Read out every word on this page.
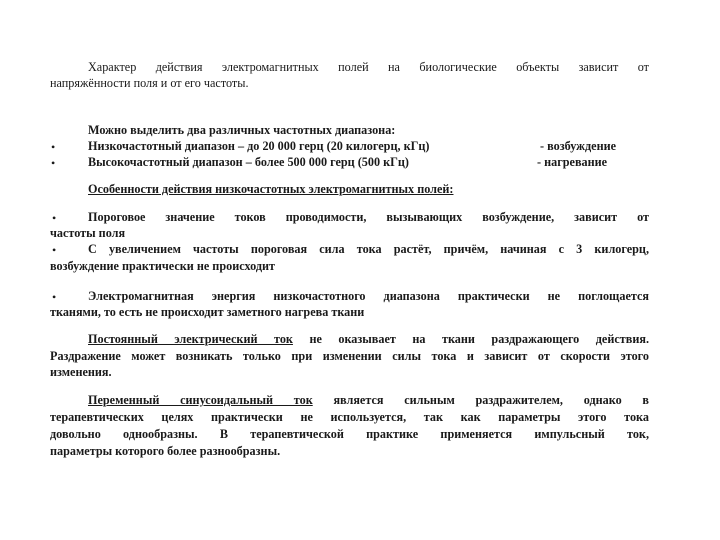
Характер действия электромагнитных полей на биологические объекты зависит от

напряжённости поля и от его частоты.

Можно выделить два различных частотных диапазона:

•	Низкочастотный диапазон – до 20 000 герц (20 килогерц, кГц)	- возбуждение
•	Высокочастотный диапазон – более 500 000 герц (500 кГц)	- нагревание

Особенности действия низкочастотных электромагнитных полей:

•	Пороговое значение токов проводимости, вызывающих возбуждение, зависит от

частоты поля

•	С увеличением частоты пороговая сила тока растёт, причём, начиная с 3 килогерц,

возбуждение практически не происходит

•	Электромагнитная энергия низкочастотного диапазона практически не поглощается

тканями, то есть не происходит заметного нагрева ткани

Постоянный электрический ток не оказывает на ткани раздражающего действия.

Раздражение может возникать только при изменении силы тока и зависит от скорости этого

изменения.

Переменный синусоидальный ток является сильным раздражителем, однако в

терапевтических целях практически не используется, так как параметры этого тока

довольно однообразны. В терапевтической практике применяется импульсный ток,

параметры которого более разнообразны.
